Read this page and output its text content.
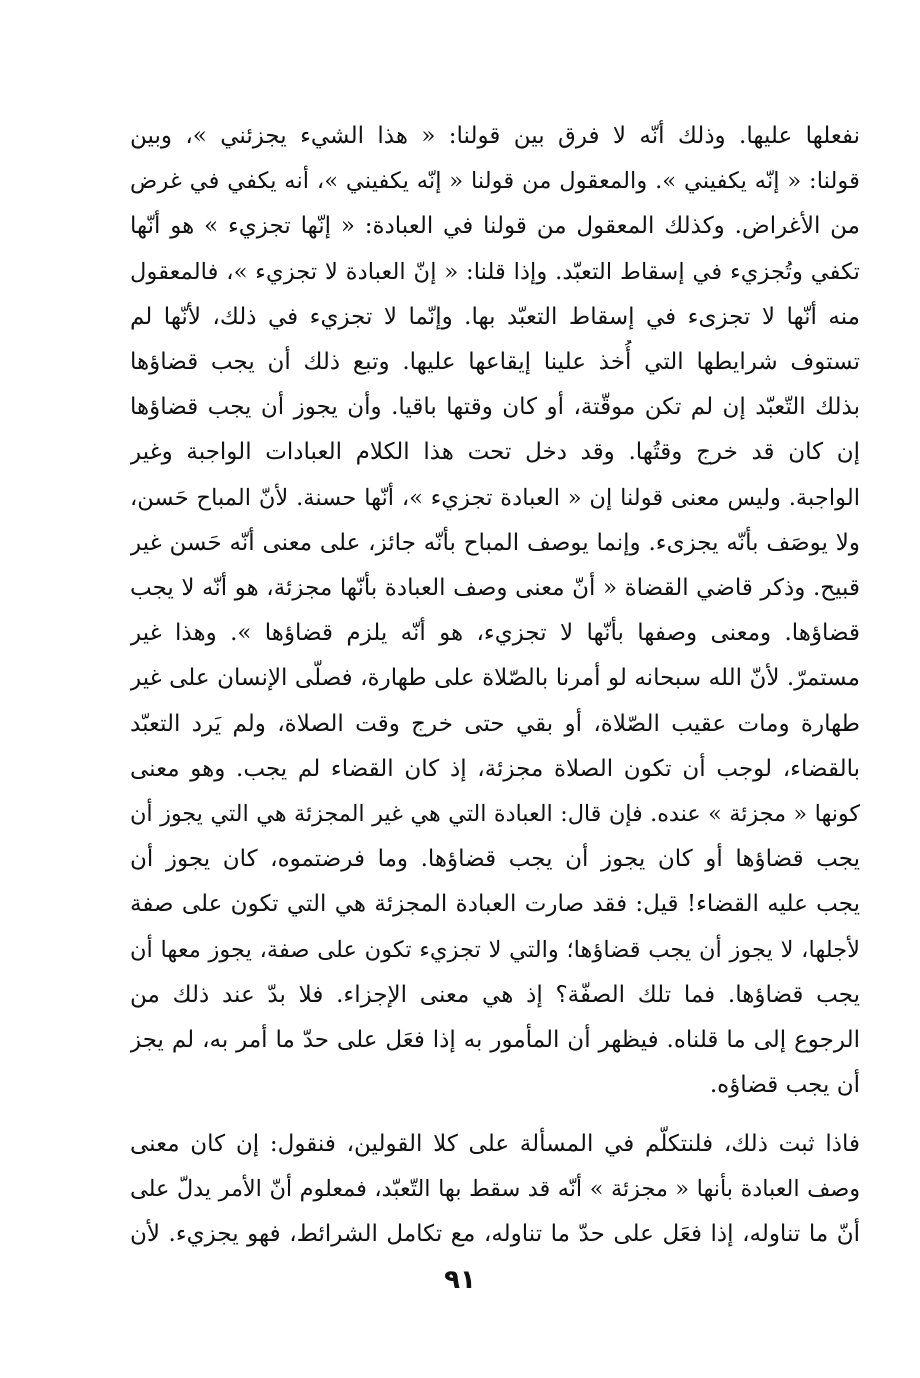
نفعلها عليها. وذلك أنّه لا فرق بين قولنا: « هذا الشيء يجزئني »، وبين
قولنا: « إنّه يكفيني ». والمعقول من قولنا « إنّه يكفيني »، أنه يكفي في غرض
من الأغراض. وكذلك المعقول من قولنا في العبادة: « إنّها تجزيء » هو أنّها
تكفي وتُجزيء في إسقاط التعبّد. وإذا قلنا: « إنّ العبادة لا تجزيء »، فالمعقول
منه أنّها لا تجزىء في إسقاط التعبّد بها. وإنّما لا تجزيء في ذلك، لأنّها لم
تستوف شرايطها التي أُخذ علينا إيقاعها عليها. وتبع ذلك أن يجب قضاؤها
بذلك التّعبّد إن لم تكن موقّتة، أو كان وقتها باقيا. وأن يجوز أن يجب قضاؤها
إن كان قد خرج وقتُها. وقد دخل تحت هذا الكلام العبادات الواجبة وغير
الواجبة. وليس معنى قولنا إن « العبادة تجزيء »، أنّها حسنة. لأنّ المباح حَسن،
ولا يوصَف بأنّه يجزىء. وإنما يوصف المباح بأنّه جائز، على معنى أنّه حَسن غير
قبيح. وذكر قاضي القضاة « أنّ معنى وصف العبادة بأنّها مجزئة، هو أنّه لا يجب
قضاؤها. ومعنى وصفها بأنّها لا تجزيء، هو أنّه يلزم قضاؤها ». وهذا غير
مستمرّ. لأنّ الله سبحانه لو أمرنا بالصّلاة على طهارة، فصلّى الإنسان على غير
طهارة ومات عقيب الصّلاة، أو بقي حتى خرج وقت الصلاة، ولم يَرد التعبّد
بالقضاء، لوجب أن تكون الصلاة مجزئة، إذ كان القضاء لم يجب. وهو معنى
كونها « مجزئة » عنده. فإن قال: العبادة التي هي غير المجزئة هي التي يجوز أن
يجب قضاؤها أو كان يجوز أن يجب قضاؤها. وما فرضتموه، كان يجوز أن
يجب عليه القضاء! قيل: فقد صارت العبادة المجزئة هي التي تكون على صفة
لأجلها، لا يجوز أن يجب قضاؤها؛ والتي لا تجزيء تكون على صفة، يجوز معها أن
يجب قضاؤها. فما تلك الصفّة؟ إذ هي معنى الإجزاء. فلا بدّ عند ذلك من
الرجوع إلى ما قلناه. فيظهر أن المأمور به إذا فعَل على حدّ ما أمر به، لم يجز
أن يجب قضاؤه.
فاذا ثبت ذلك، فلنتكلّم في المسألة على كلا القولين، فنقول: إن كان معنى
وصف العبادة بأنها « مجزئة » أنّه قد سقط بها التّعبّد، فمعلوم أنّ الأمر يدلّ على
أنّ ما تناوله، إذا فعَل على حدّ ما تناوله، مع تكامل الشرائط، فهو يجزيء. لأن
٩١
